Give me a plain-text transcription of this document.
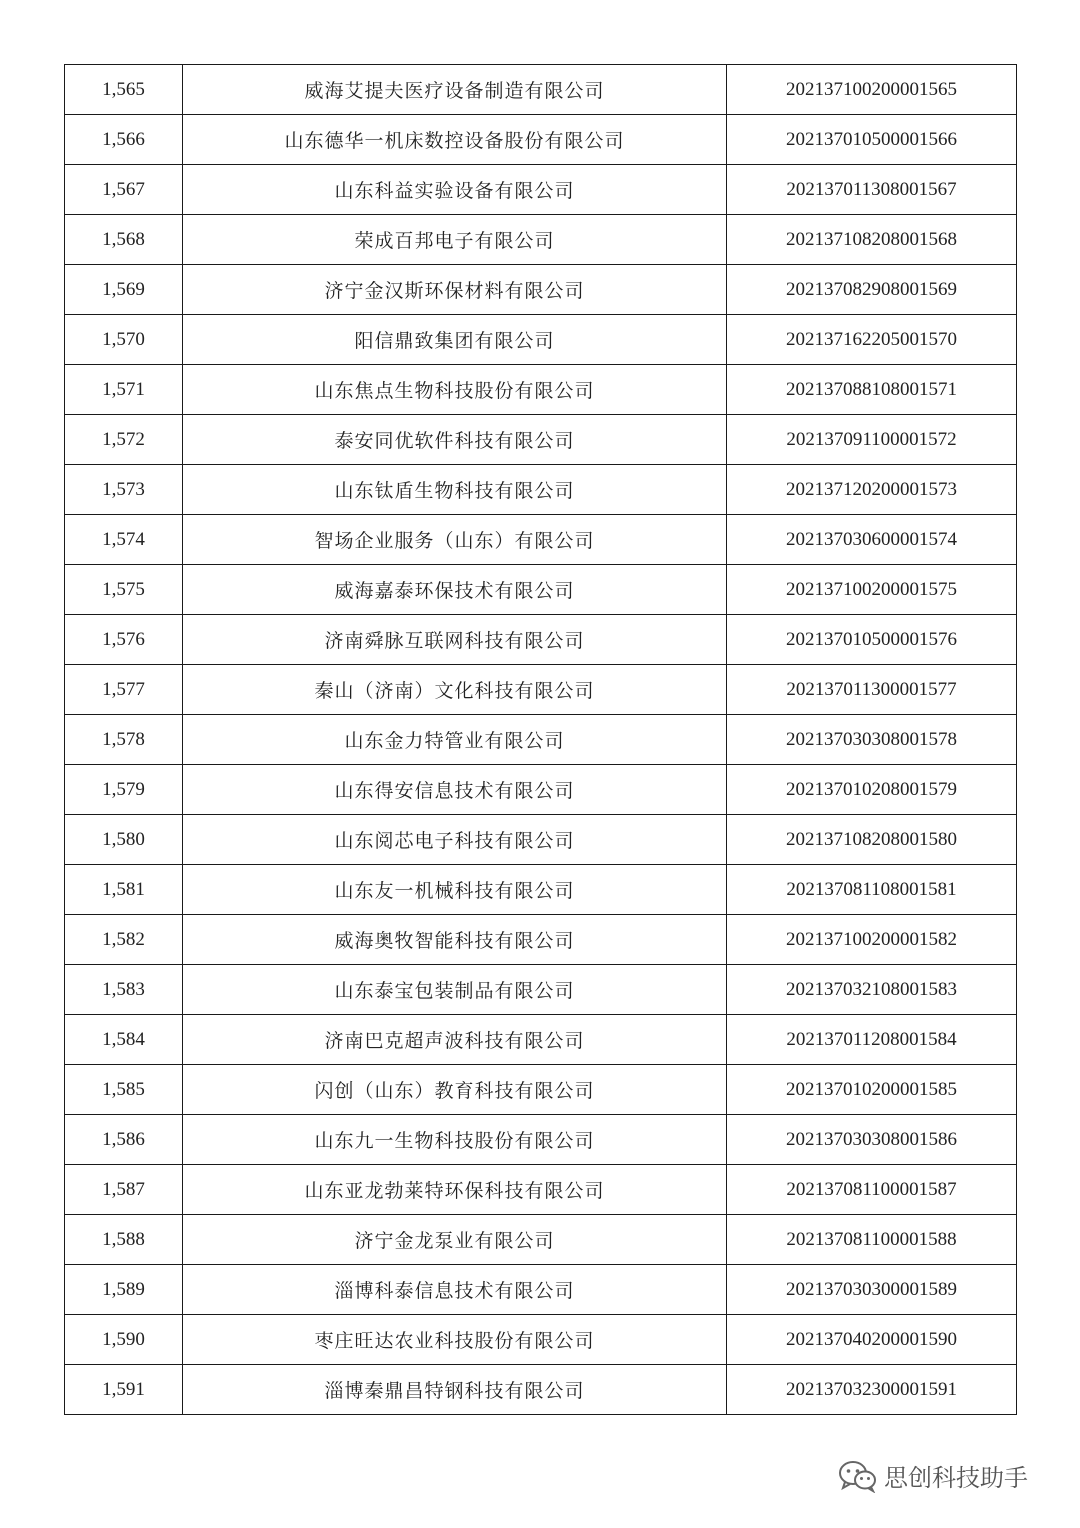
1,565	威海艾提夫医疗设备制造有限公司	202137100200001565
1,566	山东德华一机床数控设备股份有限公司	202137010500001566
1,567	山东科益实验设备有限公司	202137011308001567
1,568	荣成百邦电子有限公司	202137108208001568
1,569	济宁金汉斯环保材料有限公司	202137082908001569
1,570	阳信鼎致集团有限公司	202137162205001570
1,571	山东焦点生物科技股份有限公司	202137088108001571
1,572	泰安同优软件科技有限公司	202137091100001572
1,573	山东钛盾生物科技有限公司	202137120200001573
1,574	智场企业服务（山东）有限公司	202137030600001574
1,575	威海嘉泰环保技术有限公司	202137100200001575
1,576	济南舜脉互联网科技有限公司	202137010500001576
1,577	秦山（济南）文化科技有限公司	202137011300001577
1,578	山东金力特管业有限公司	202137030308001578
1,579	山东得安信息技术有限公司	202137010208001579
1,580	山东阅芯电子科技有限公司	202137108208001580
1,581	山东友一机械科技有限公司	202137081108001581
1,582	威海奥牧智能科技有限公司	202137100200001582
1,583	山东泰宝包装制品有限公司	202137032108001583
1,584	济南巴克超声波科技有限公司	202137011208001584
1,585	闪创（山东）教育科技有限公司	202137010200001585
1,586	山东九一生物科技股份有限公司	202137030308001586
1,587	山东亚龙勃莱特环保科技有限公司	202137081100001587
1,588	济宁金龙泵业有限公司	202137081100001588
1,589	淄博科泰信息技术有限公司	202137030300001589
1,590	枣庄旺达农业科技股份有限公司	202137040200001590
1,591	淄博秦鼎昌特钢科技有限公司	202137032300001591
思创科技助手
